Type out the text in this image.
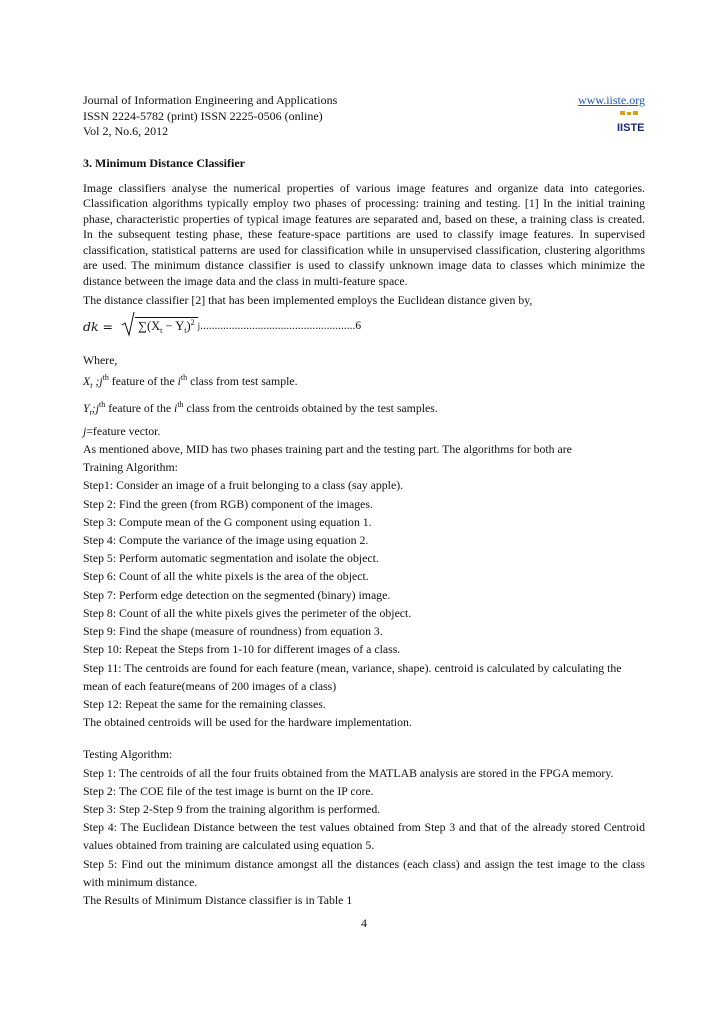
Journal of Information Engineering and Applications
ISSN 2224-5782 (print) ISSN 2225-0506 (online)
Vol 2, No.6, 2012
www.iiste.org
IISTE
3. Minimum Distance Classifier

Image classifiers analyse the numerical properties of various image features and organize data into categories. Classification algorithms typically employ two phases of processing: training and testing. [1] In the initial training phase, characteristic properties of typical image features are separated and, based on these, a training class is created. In the subsequent testing phase, these feature-space partitions are used to classify image features. In supervised classification, statistical patterns are used for classification while in unsupervised classification, clustering algorithms are used. The minimum distance classifier is used to classify unknown image data to classes which minimize the distance between the image data and the class in multi-feature space.

The distance classifier [2] that has been implemented employs the Euclidean distance given by,

dk =	$\sum(X_t - Y_t)^2$ j ......................................................6
Where,
$X_t$ $;j^{th}$ feature of the $i^{th}$ class from test sample.
$Y_t;j^{th}$ feature of the $i^{th}$ class from the centroids obtained by the test samples.
j=feature vector.
As mentioned above, MID has two phases training part and the testing part. The algorithms for both are
Training Algorithm:
Step1: Consider an image of a fruit belonging to a class (say apple).
Step 2: Find the green (from RGB) component of the images.
Step 3: Compute mean of the G component using equation 1.
Step 4: Compute the variance of the image using equation 2.
Step 5: Perform automatic segmentation and isolate the object.
Step 6: Count of all the white pixels is the area of the object.
Step 7: Perform edge detection on the segmented (binary) image.
Step 8: Count of all the white pixels gives the perimeter of the object.
Step 9: Find the shape (measure of roundness) from equation 3.
Step 10: Repeat the Steps from 1-10 for different images of a class.
Step 11: The centroids are found for each feature (mean, variance, shape). centroid is calculated by calculating the
mean of each feature(means of 200 images of a class)
Step 12: Repeat the same for the remaining classes.
The obtained centroids will be used for the hardware implementation.
Testing Algorithm:
Step 1: The centroids of all the four fruits obtained from the MATLAB analysis are stored in the FPGA memory.
Step 2: The COE file of the test image is burnt on the IP core.
Step 3: Step 2-Step 9 from the training algorithm is performed.

Step 4: The Euclidean Distance between the test values obtained from Step 3 and that of the already stored Centroid values obtained from training are calculated using equation 5.

Step 5: Find out the minimum distance amongst all the distances (each class) and assign the test image to the class with minimum distance.

The Results of Minimum Distance classifier is in Table 1
4
